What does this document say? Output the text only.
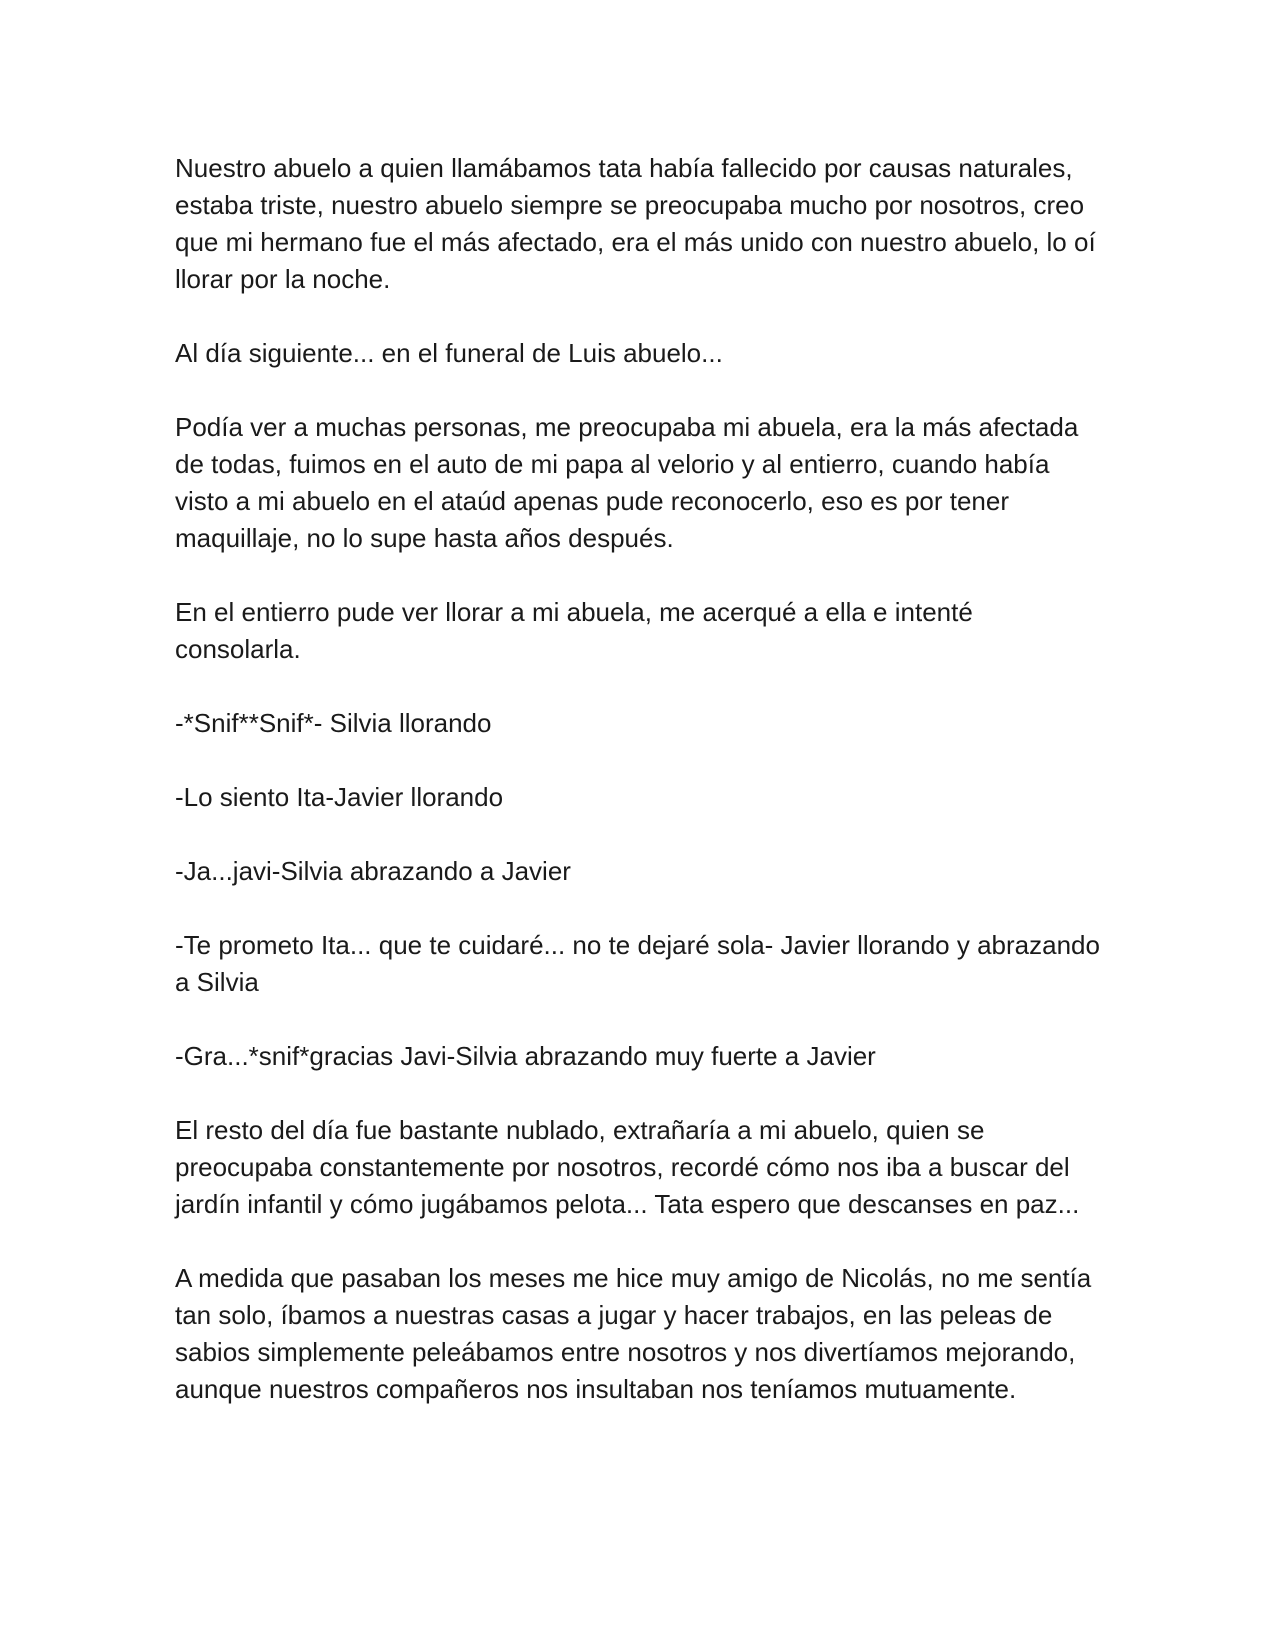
Nuestro abuelo a quien llamábamos tata había fallecido por causas naturales, estaba triste, nuestro abuelo siempre se preocupaba mucho por nosotros, creo que mi hermano fue el más afectado, era el más unido con nuestro abuelo, lo oí llorar por la noche.

Al día siguiente... en el funeral de Luis abuelo...

Podía ver a muchas personas, me preocupaba mi abuela, era la más afectada de todas, fuimos en el auto de mi papa al velorio y al entierro, cuando había visto a mi abuelo en el ataúd apenas pude reconocerlo, eso es por tener maquillaje, no lo supe hasta años después.

En el entierro pude ver llorar a mi abuela, me acerqué a ella e intenté consolarla.

-*Snif**Snif*- Silvia llorando

-Lo siento Ita-Javier llorando

-Ja...javi-Silvia abrazando a Javier

-Te prometo Ita... que te cuidaré... no te dejaré sola- Javier llorando y abrazando a Silvia

-Gra...*snif*gracias Javi-Silvia abrazando muy fuerte a Javier

El resto del día fue bastante nublado, extrañaría a mi abuelo, quien se preocupaba constantemente por nosotros, recordé cómo nos iba a buscar del jardín infantil y cómo jugábamos pelota... Tata espero que descanses en paz...

A medida que pasaban los meses me hice muy amigo de Nicolás, no me sentía tan solo, íbamos a nuestras casas a jugar y hacer trabajos, en las peleas de sabios simplemente peleábamos entre nosotros y nos divertíamos mejorando, aunque nuestros compañeros nos insultaban nos teníamos mutuamente.
